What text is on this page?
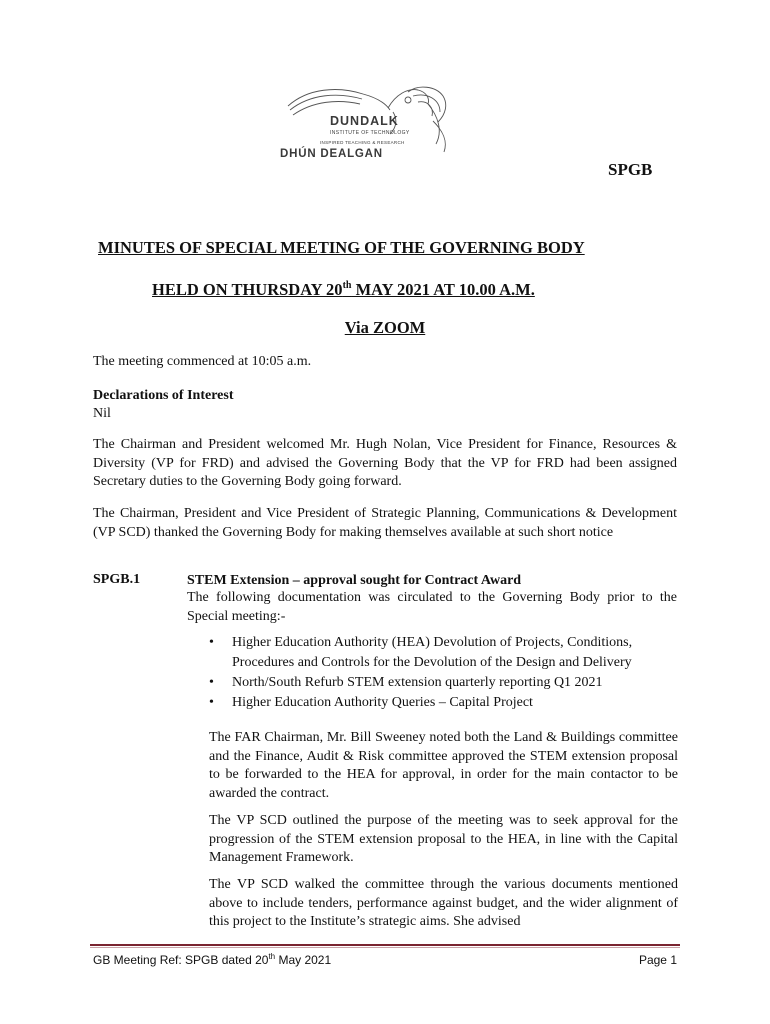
DUNDALK
INSTITUTE OF TECHNOLOGY
INSPIRED TEACHING & RESEARCH
DHÚN DEALGAN
SPGB
MINUTES OF SPECIAL MEETING OF THE GOVERNING BODY
HELD ON THURSDAY 20th MAY 2021 AT 10.00 A.M.
Via ZOOM
The meeting commenced at 10:05 a.m.
Declarations of Interest
Nil
The Chairman and President welcomed Mr. Hugh Nolan, Vice President for Finance, Resources & Diversity (VP for FRD) and advised the Governing Body that the VP for FRD had been assigned Secretary duties to the Governing Body going forward.
The Chairman, President and Vice President of Strategic Planning, Communications & Development (VP SCD) thanked the Governing Body for making themselves available at such short notice
SPGB.1	STEM Extension – approval sought for Contract Award
The following documentation was circulated to the Governing Body prior to the Special meeting:-
• Higher Education Authority (HEA) Devolution of Projects, Conditions, Procedures and Controls for the Devolution of the Design and Delivery
• North/South Refurb STEM extension quarterly reporting Q1 2021
• Higher Education Authority Queries – Capital Project
The FAR Chairman, Mr. Bill Sweeney noted both the Land & Buildings committee and the Finance, Audit & Risk committee approved the STEM extension proposal to be forwarded to the HEA for approval, in order for the main contactor to be awarded the contract.
The VP SCD outlined the purpose of the meeting was to seek approval for the progression of the STEM extension proposal to the HEA, in line with the Capital Management Framework.
The VP SCD walked the committee through the various documents mentioned above to include tenders, performance against budget, and the wider alignment of this project to the Institute’s strategic aims. She advised
GB Meeting Ref: SPGB dated 20th May 2021	Page 1
